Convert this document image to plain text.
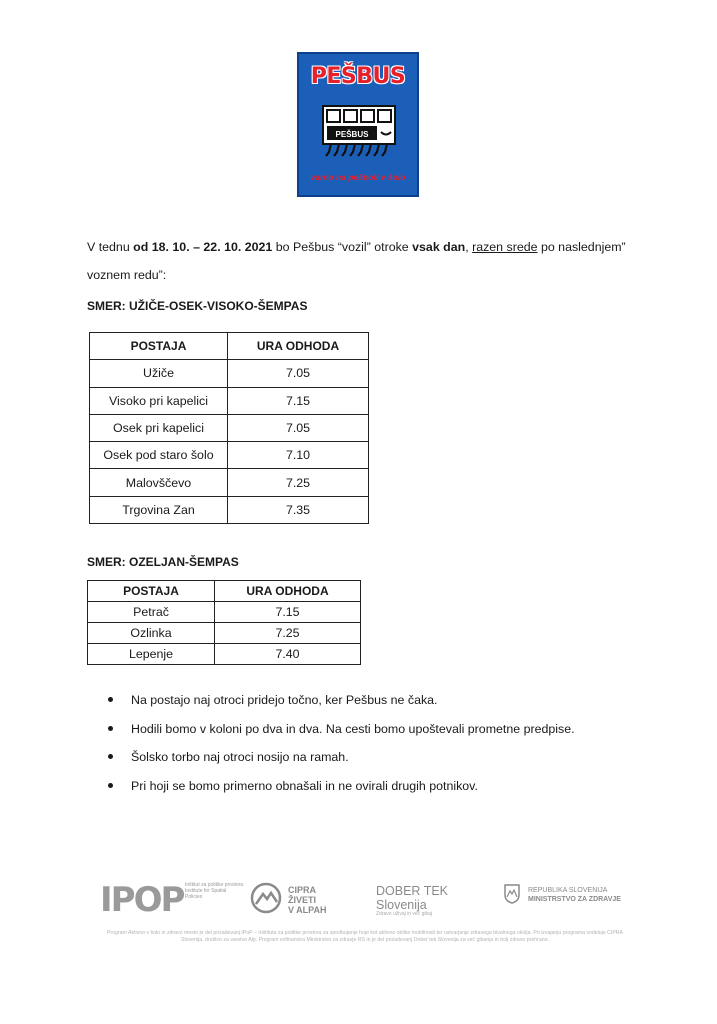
PEŠBUS
PEŠBUS
varno na pešpoti v šolo

V tednu od 18. 10. – 22. 10. 2021 bo Pešbus “vozil” otroke vsak dan, razen srede po naslednjem” voznem redu”:

SMER: UŽIČE-OSEK-VISOKO-ŠEMPAS
POSTAJA	URA ODHODA
Užiče	7.05
Visoko pri kapelici	7.15
Osek pri kapelici	7.05
Osek pod staro šolo	7.10
Malovščevo	7.25
Trgovina Zan	7.35
SMER: OZELJAN-ŠEMPAS
POSTAJA	URA ODHODA
Petrač	7.15
Ozlinka	7.25
Lepenje	7.40
Na postajo naj otroci pridejo točno, ker Pešbus ne čaka.
Hodili bomo v koloni po dva in dva. Na cesti bomo upoštevali prometne predpise.
Šolsko torbo naj otroci nosijo na ramah.
Pri hoji se bomo primerno obnašali in ne ovirali drugih potnikov.
IPOP Inštitut za politike prostora Institute for Spatial Policies
CIPRA
ŽIVETI
V ALPAH
DOBER TEK
Slovenija
Zdravo uživaj in več gibaj
REPUBLIKA SLOVENIJA
MINISTRSTVO ZA ZDRAVJE
Program Aktivno v šolo in zdravo mesto je del prizadevanj IPoP – Inštituta za politike prostora za spodbujanje hoje kot aktivne oblike mobilnosti ter ustvarjanje zdravega bivalnega okolja. Pri izvajanju programa sodeluje CIPRA Slovenija, društvo za varstvo Alp. Program sofinancira Ministrstvo za zdravje RS in je del prizadevanj Dober tek Slovenija za več gibanja in bolj zdravo prehrano.
